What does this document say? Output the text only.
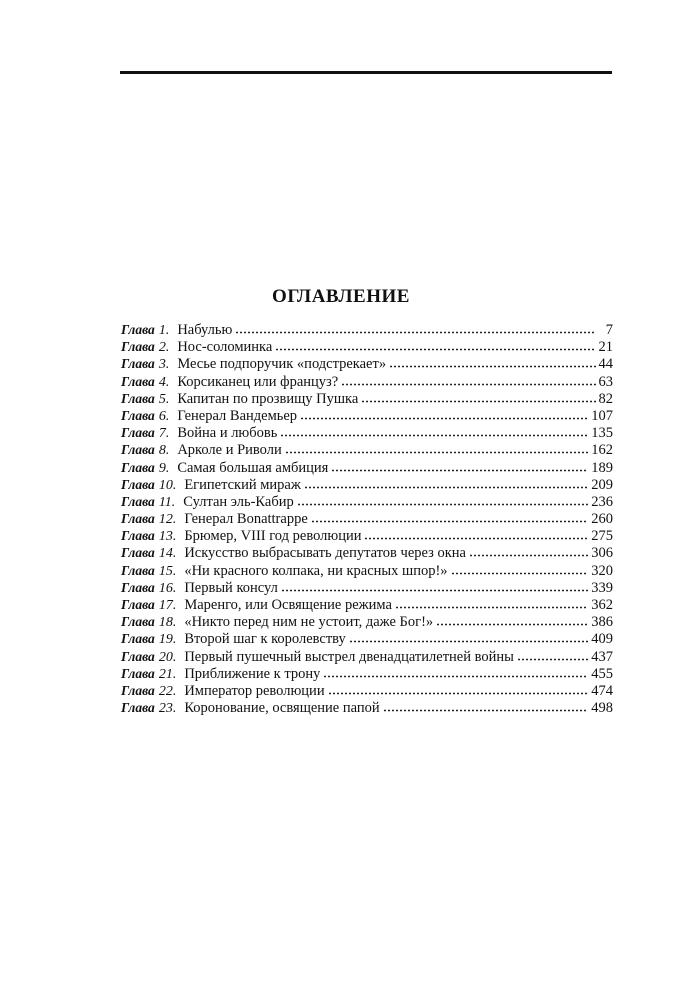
ОГЛАВЛЕНИЕ
Глава 1. Набулью	7
Глава 2. Нос-соломинка	21
Глава 3. Месье подпоручик «подстрекает»	44
Глава 4. Корсиканец или француз?	63
Глава 5. Капитан по прозвищу Пушка	82
Глава 6. Генерал Вандемьер	107
Глава 7. Война и любовь	135
Глава 8. Арколе и Риволи	162
Глава 9. Самая большая амбиция	189
Глава 10. Египетский мираж	209
Глава 11. Султан эль-Кабир	236
Глава 12. Генерал Bonattrappe	260
Глава 13. Брюмер, VIII год революции	275
Глава 14. Искусство выбрасывать депутатов через окна	306
Глава 15. «Ни красного колпака, ни красных шпор!»	320
Глава 16. Первый консул	339
Глава 17. Маренго, или Освящение режима	362
Глава 18. «Никто перед ним не устоит, даже Бог!»	386
Глава 19. Второй шаг к королевству	409
Глава 20. Первый пушечный выстрел двенадцатилетней войны	437
Глава 21. Приближение к трону	455
Глава 22. Император революции	474
Глава 23. Коронование, освящение папой	498
